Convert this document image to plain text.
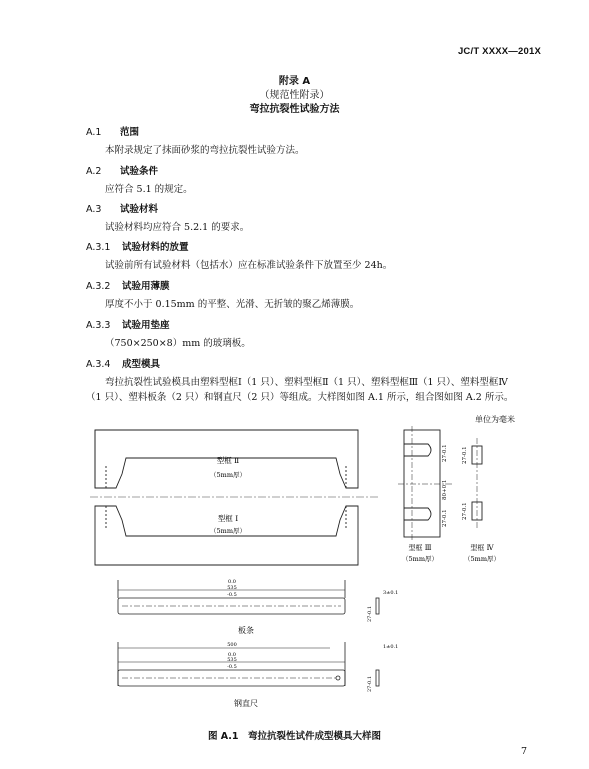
JC/T XXXX—201X
附录 A
（规范性附录）
弯拉抗裂性试验方法
A.1 范围
本附录规定了抹面砂浆的弯拉抗裂性试验方法。
A.2 试验条件
应符合 5.1 的规定。
A.3 试验材料
试验材料均应符合 5.2.1 的要求。
A.3.1 试验材料的放置
试验前所有试验材料（包括水）应在标准试验条件下放置至少 24h。
A.3.2 试验用薄膜
厚度不小于 0.15mm 的平整、光滑、无折皱的聚乙烯薄膜。
A.3.3 试验用垫座
（750×250×8）mm 的玻璃板。
A.3.4 成型模具
弯拉抗裂性试验模具由塑料型框Ⅰ（1 只）、塑料型框Ⅱ（1 只）、塑料型框Ⅲ（1 只）、塑料型框Ⅳ（1 只）、塑料板条（2 只）和钢直尺（2 只）等组成。大样图如图 A.1 所示，组合图如图 A.2 所示。
单位为毫米
型框 Ⅱ
（5mm厚）
型框 Ⅰ
（5mm厚）
27-0.1
80+0.1
27-0.1
型框 Ⅲ
（5mm厚）
27-0.1
27-0.1
型框 Ⅳ
（5mm厚）
0.0
535
-0.5	3±0.1
27-0.1
板条
500
0.0
535
-0.5
1±0.1
27-0.1
钢直尺
图 A.1　弯拉抗裂性试件成型模具大样图
7
